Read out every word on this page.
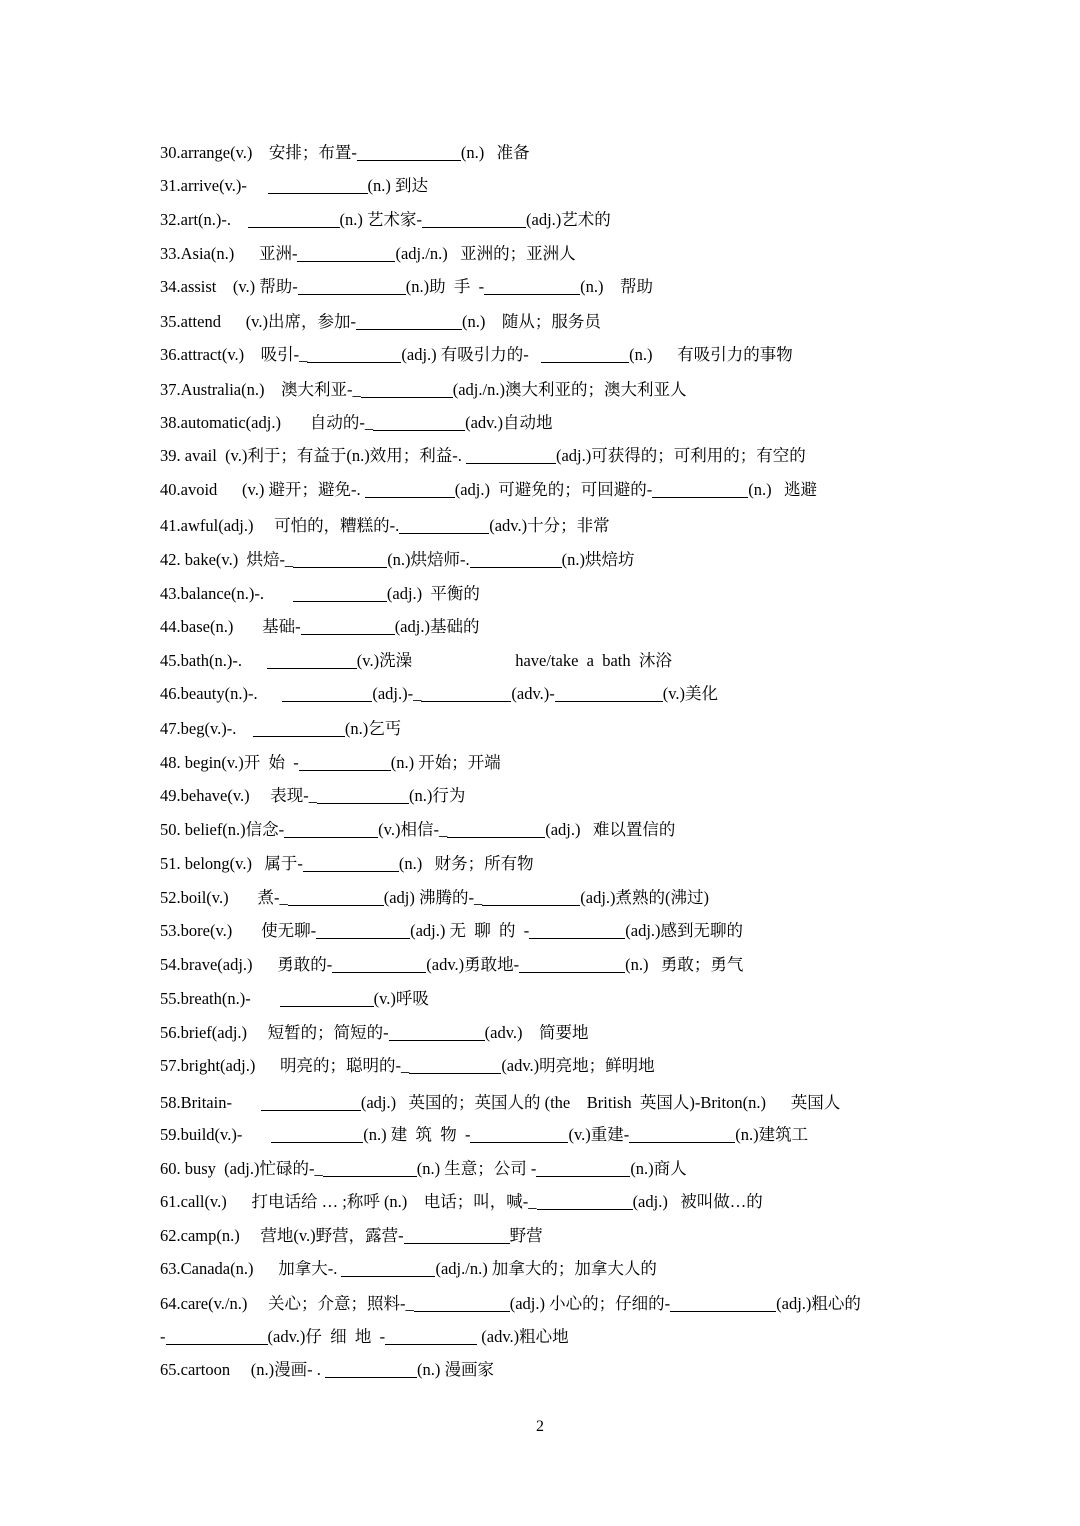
30.arrange(v.)    安排；布置-	(n.)   准备
31.arrive(v.)-	(n.) 到达
32.art(n.)-.	(n.) 艺术家-	(adj.)艺术的
33.Asia(n.)      亚洲-	(adj./n.)   亚洲的；亚洲人
34.assist    (v.) 帮助-	(n.)助  手  -	(n.)    帮助
35.attend      (v.)出席，参加-	(n.)    随从；服务员
36.attract(v.)    吸引-_	(adj.) 有吸引力的-	(n.)      有吸引力的事物
37.Australia(n.)    澳大利亚-_	(adj./n.)澳大利亚的；澳大利亚人
38.automatic(adj.)       自动的-_	(adv.)自动地
39. avail  (v.)利于；有益于(n.)效用；利益-.	(adj.)可获得的；可利用的；有空的
40.avoid      (v.) 避开；避免-.	(adj.)  可避免的；可回避的-	(n.)   逃避
41.awful(adj.)     可怕的，糟糕的-.	(adv.)十分；非常
42. bake(v.)  烘焙-_	(n.)烘焙师-.	(n.)烘焙坊
43.balance(n.)-.	(adj.)  平衡的
44.base(n.)       基础-	(adj.)基础的
45.bath(n.)-.	(v.)洗澡                         have/take  a  bath  沐浴
46.beauty(n.)-.	(adj.)-_	(adv.)-	(v.)美化
47.beg(v.)-.	(n.)乞丐
48. begin(v.)开  始  -	(n.) 开始；开端
49.behave(v.)     表现-_	(n.)行为
50. belief(n.)信念-	(v.)相信-_	(adj.)   难以置信的
51. belong(v.)   属于-	(n.)   财务；所有物
52.boil(v.)       煮-_	(adj) 沸腾的-_	(adj.)煮熟的(沸过)
53.bore(v.)       使无聊-	(adj.) 无  聊  的  -	(adj.)感到无聊的
54.brave(adj.)      勇敢的-	(adv.)勇敢地-	(n.)   勇敢；勇气
55.breath(n.)-	(v.)呼吸
56.brief(adj.)     短暂的；简短的-	(adv.)    简要地
57.bright(adj.)      明亮的；聪明的-_	(adv.)明亮地；鲜明地
58.Britain-	(adj.)   英国的；英国人的 (the    British  英国人)-Briton(n.)      英国人
59.build(v.)-	(n.) 建  筑  物  -	(v.)重建-	(n.)建筑工
60. busy  (adj.)忙碌的-_	(n.) 生意；公司 -	(n.)商人
61.call(v.)      打电话给 … ;称呼 (n.)    电话；叫，喊-_	(adj.)   被叫做…的
62.camp(n.)     营地(v.)野营，露营-	野营
63.Canada(n.)      加拿大-.	(adj./n.) 加拿大的；加拿大人的
64.care(v./n.)     关心；介意；照料-_	(adj.) 小心的；仔细的-	(adj.)粗心的
-	(adv.)仔  细  地  -	(adv.)粗心地
65.cartoon     (n.)漫画- .	(n.) 漫画家
2
